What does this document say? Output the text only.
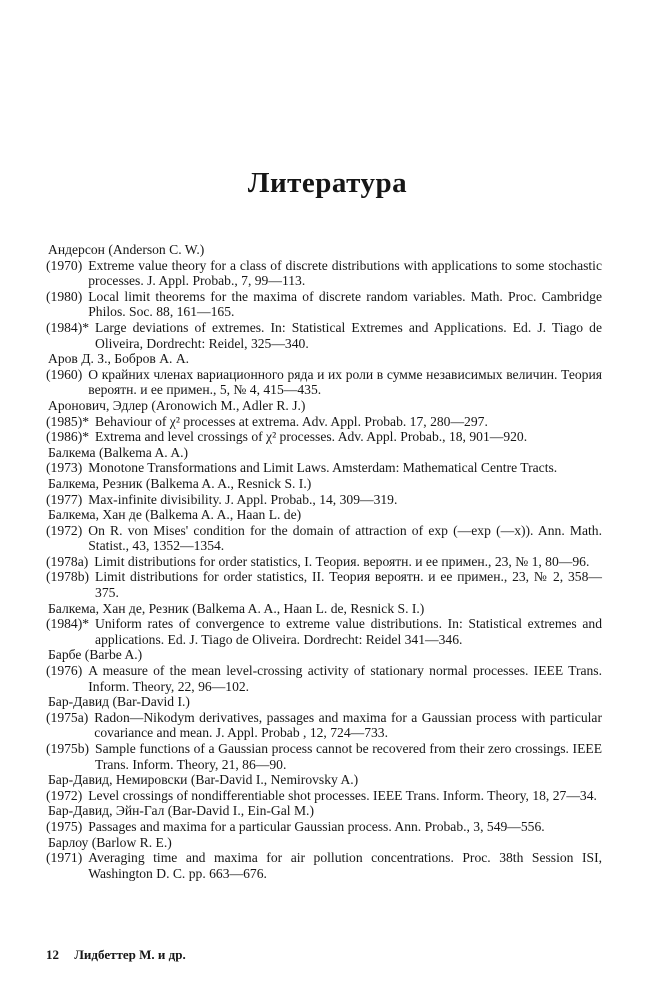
Литература
Андерсон (Anderson C. W.)
(1970) Extreme value theory for a class of discrete distributions with applications to some stochastic processes. J. Appl. Probab., 7, 99—113.
(1980) Local limit theorems for the maxima of discrete random variables. Math. Proc. Cambridge Philos. Soc. 88, 161—165.
(1984)* Large deviations of extremes. In: Statistical Extremes and Applications. Ed. J. Tiago de Oliveira, Dordrecht: Reidel, 325—340.
Аров Д. З., Бобров А. А.
(1960) О крайних членах вариационного ряда и их роли в сумме независимых величин. Теория вероятн. и ее примен., 5, № 4, 415—435.
Аронович, Эдлер (Aronowich M., Adler R. J.)
(1985)* Behaviour of χ² processes at extrema. Adv. Appl. Probab. 17, 280—297.
(1986)* Extrema and level crossings of χ² processes. Adv. Appl. Probab., 18, 901—920.
Балкема (Balkema A. A.)
(1973) Monotone Transformations and Limit Laws. Amsterdam: Mathematical Centre Tracts.
Балкема, Резник (Balkema A. A., Resnick S. I.)
(1977) Max-infinite divisibility. J. Appl. Probab., 14, 309—319.
Балкема, Хан де (Balkema A. A., Haan L. de)
(1972) On R. von Mises' condition for the domain of attraction of exp (—exp (—x)). Ann. Math. Statist., 43, 1352—1354.
(1978a) Limit distributions for order statistics, I. Теория. вероятн. и ее примен., 23, № 1, 80—96.
(1978b) Limit distributions for order statistics, II. Теория вероятн. и ее примен., 23, № 2, 358—375.
Балкема, Хан де, Резник (Balkema A. A., Haan L. de, Resnick S. I.)
(1984)* Uniform rates of convergence to extreme value distributions. In: Statistical extremes and applications. Ed. J. Tiago de Oliveira. Dordrecht: Reidel 341—346.
Барбе (Barbe A.)
(1976) A measure of the mean level-crossing activity of stationary normal processes. IEEE Trans. Inform. Theory, 22, 96—102.
Бар-Давид (Bar-David I.)
(1975a) Radon—Nikodym derivatives, passages and maxima for a Gaussian process with particular covariance and mean. J. Appl. Probab , 12, 724—733.
(1975b) Sample functions of a Gaussian process cannot be recovered from their zero crossings. IEEE Trans. Inform. Theory, 21, 86—90.
Бар-Давид, Немировски (Bar-David I., Nemirovsky A.)
(1972) Level crossings of nondifferentiable shot processes. IEEE Trans. Inform. Theory, 18, 27—34.
Бар-Давид, Эйн-Гал (Bar-David I., Ein-Gal M.)
(1975) Passages and maxima for a particular Gaussian process. Ann. Probab., 3, 549—556.
Барлоу (Barlow R. E.)
(1971) Averaging time and maxima for air pollution concentrations. Proc. 38th Session ISI, Washington D. C. pp. 663—676.
12 Лидбеттер М. и др.
